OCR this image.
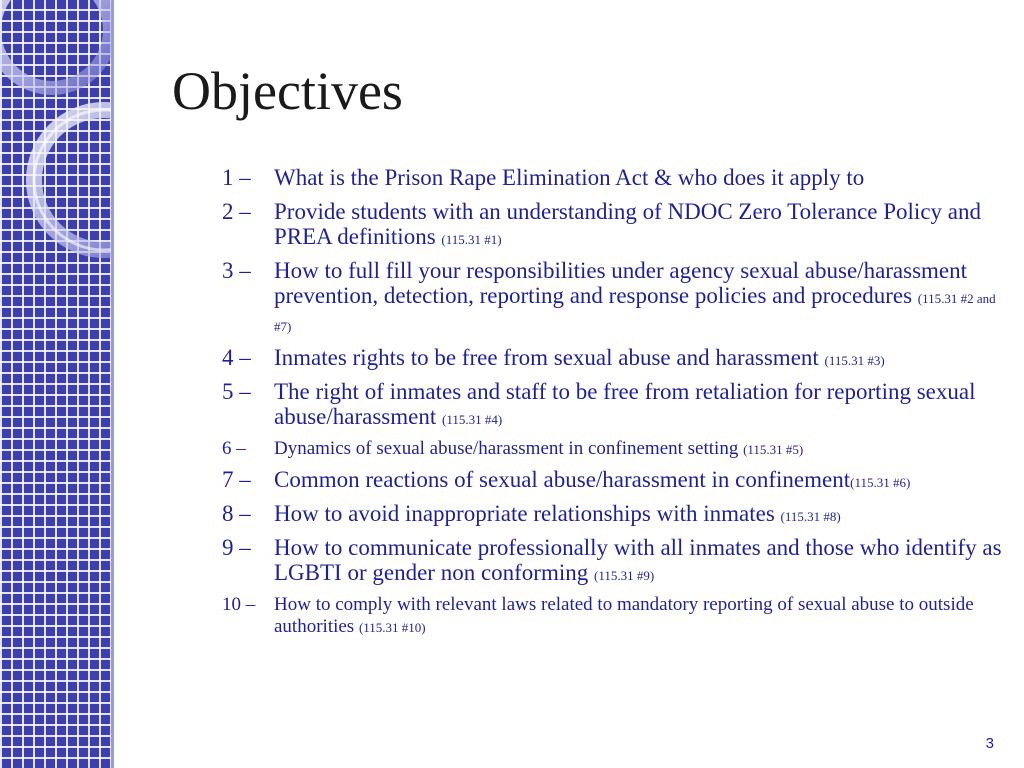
Objectives
1 –	What is the Prison Rape Elimination Act & who does it apply to
2 –	Provide students with an understanding of NDOC Zero Tolerance Policy and PREA definitions (115.31 #1)
3 –	How to full fill your responsibilities under agency sexual abuse/harassment prevention, detection, reporting and response policies and procedures (115.31 #2 and #7)
4 –	Inmates rights to be free from sexual abuse and harassment (115.31 #3)
5 –	The right of inmates and staff to be free from retaliation for reporting sexual abuse/harassment (115.31 #4)
6 –	Dynamics of sexual abuse/harassment in confinement setting (115.31 #5)
7 –	Common reactions of sexual abuse/harassment in confinement(115.31 #6)
8 –	How to avoid inappropriate relationships with inmates (115.31 #8)
9 –	How to communicate professionally with all inmates and those who identify as LGBTI or gender non conforming (115.31 #9)
10 – How to comply with relevant laws related to mandatory reporting of sexual abuse to outside authorities (115.31 #10)
3
